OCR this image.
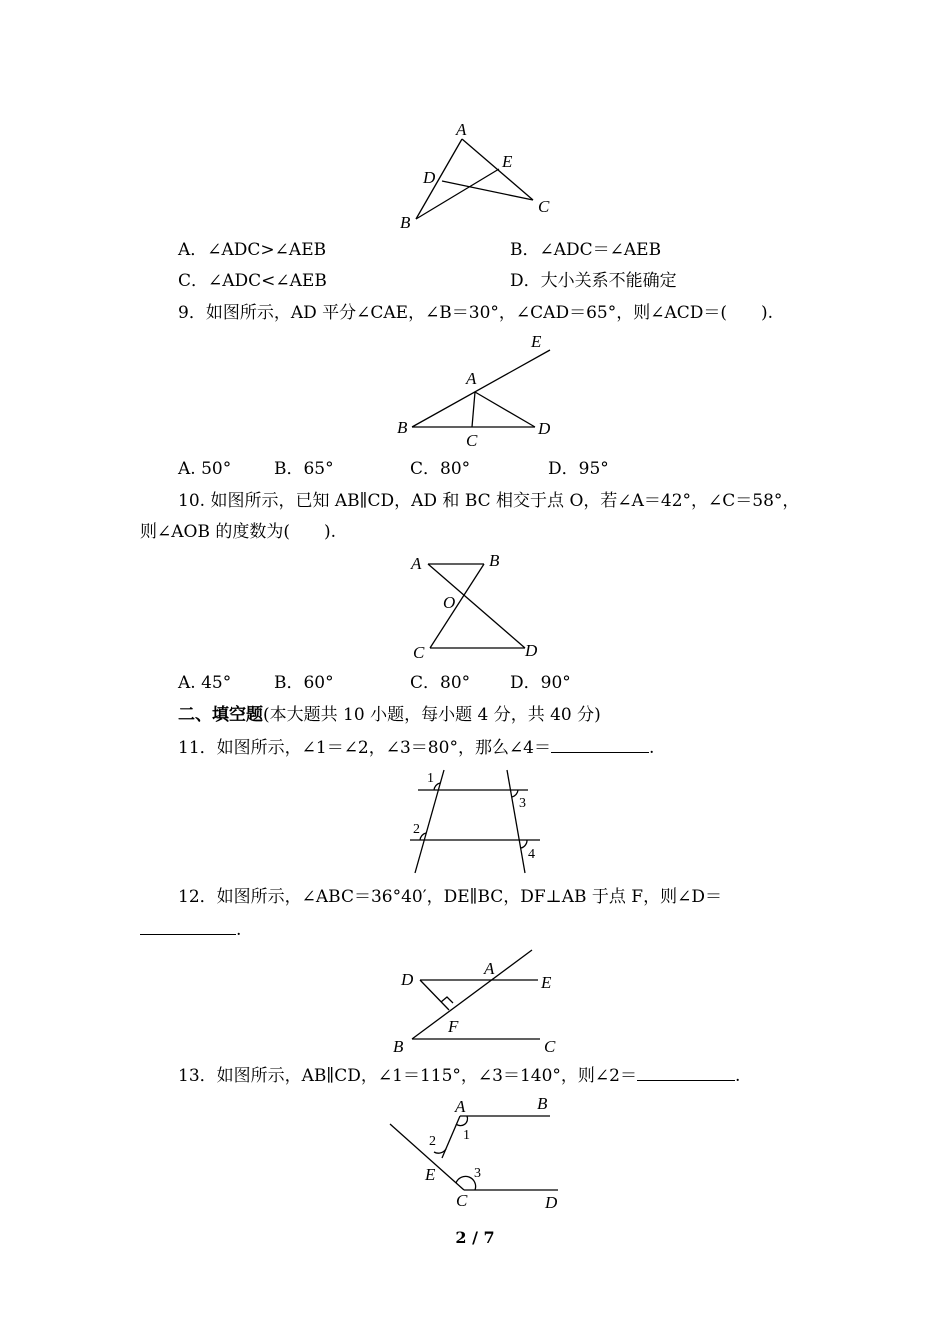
A
E
D
C
B
A．∠ADC>∠AEB	B．∠ADC＝∠AEB
C．∠ADC<∠AEB	D．大小关系不能确定
9．如图所示，AD 平分∠CAE，∠B＝30°，∠CAD＝65°，则∠ACD＝(　　).
E
A
B
C
D
A. 50°	B．65°	C．80°	D．95°
10. 如图所示，已知 AB∥CD，AD 和 BC 相交于点 O，若∠A＝42°，∠C＝58°，
则∠AOB 的度数为(　　).
A	B
O
C	D
A. 45°	B．60°	C．80° D．90°
二、填空题(本大题共 10 小题，每小题 4 分，共 40 分)
11．如图所示，∠1＝∠2，∠3＝80°，那么∠4＝	.
1
3
2
4
12．如图所示，∠ABC＝36°40′，DE∥BC，DF⊥AB 于点 F，则∠D＝
.
D
A
E
F
B	C
13．如图所示，AB∥CD，∠1＝115°，∠3＝140°，则∠2＝	.
A	B
1
2
E	3
C	D
2 / 7
